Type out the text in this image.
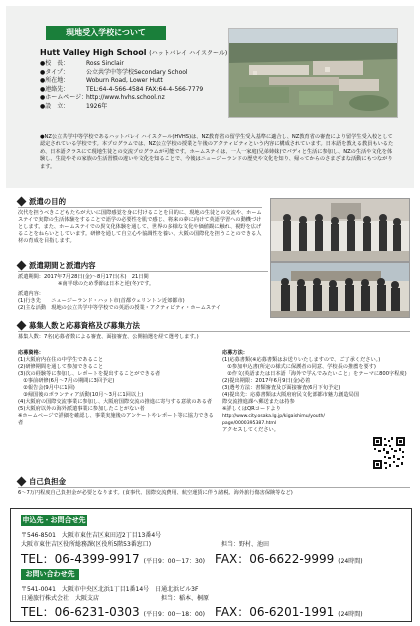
現地受入学校について
Hutt Valley High School (ハットバレイ ハイスクール)
●校　長：	Ross Sinclair
●タイプ：	公立共学中等学校Secondary School
●所在地：	Woburn Road, Lower Hutt
●連絡先：	TEL:64-4-566-4584 FAX:64-4-566-7779
●ホームページ：
http://www.hvhs.school.nz
●設　立：	1926年

●NZ公立共学中等学校であるハットバレイ ハイスクール(HVHS)は、NZ教育省の留学生受入基準に適合し、NZ教育省の審査により留学生受入校として認定されている学校です。本プログラムでは、NZ公立学校の授業と午後のアクティビティという内容に構成されています。日本語を教える教員もいるため、日本語クラスにて現地生徒との交流プログラムが可能です。ホームステイは、一人一家庭(兄弟姉妹)でパディと生活に参加し、NZの生活や文化を体験し、生徒やその家族の生活習慣の違いや文化を知ることで、今後はニュージーランドの歴史や文化を知り、帰ってからのさまざまな活動にもつながります。

派遣の目的

次代を担うべきこどもたちが大いに国際感覚を身に付けることを目的に、現地の生徒との交流や、ホームステイで実際の生活体験をすることで語学の必要性を肌で感じ、将来の夢に向けて英語学習への動機づけとします。また、ホームステイでの異文化体験を通して、世界の多様な文化や価値観に触れ、視野を広げることをねらいとしています。研修を通して自立心や協調性を養い、大阪の国際化を担うことのできる人材の育成を目指します。

派遣期間と派遣内容

派遣期間：2017年7月28日(金)〜8月17日(木)　21日間

※南半球のため季節は日本と逆(冬)です。

派遣内容：

(1)行き先　　ニュージーランド・ハット市(首都ウェリントン近郊都市)

(2)主な活動　現地の公立共学中等学校での英語の授業・アクティビティ・ホームステイ

募集人数と応募資格及び募集方法

募集人数：7名(応募者数による審査、面接審査、公開抽選を経て選考します。)

応募資格：

(1)大阪府内在住の中学生であること

(2)研修期間を通して参加できること

(3)次の経験等に参加し、レポートを提出することができる者

　①事前研修(6月〜7月の期間に3回予定)

　②報告会(9月中に1回)

　③帰国後のボランティア活動(10月〜3月に1回以上)

(4)大阪府の国際交流事業に参加し、大阪府国際交流の推進に寄与する意欲のある者

(5)大阪府以外の海外派遣事業に参加したことがない者

※ホームページで詳細を確認し、事業実施後のアンケートやレポート等に協力できる者

応募方法：

(1)応募書類(※応募書類はお送りいたしますので、ご了承ください。)

　①参加申込書(所定の様式に保護者の同意、学校長の推薦を要す)

　②作文(英語または日本語「海外で学んでみたいこと」をテーマに800字程度)

(2)提出期限：2017年6月9日(金)必着

(3)選考方法：書類審査及び面接審査(6月下旬予定)

(4)提出先：応募書類は大阪府府民文化部都市魅力創造局国際交流推進課へ郵送または持参

※詳しくはQRコードより

http://www.city.osaka.lg.jp/kigaishimu/youth/

page/0000395387.html

アクセスしてください。

自己負担金

6〜7万円程度自己負担金が必要となります。(食事代、国際交流費用、航空運賃に伴う諸税、海外旅行傷害保険等など)

申込先・お問合せ先
〒546-8501　大阪市東住吉区東田辺2丁目13番4号
大阪市東住吉区役所総務課(区役所5階53番窓口)	担当：野村、池田
TEL：06-4399-9917 (平日9：00〜17：30) FAX：06-6622-9999 (24時間)
お問い合わせ先
〒541-0041　大阪市中央区北浜1丁目1番14号　日通北浜ビル3F
日通旅行株式会社　大阪支店	担当：稲本、桐原
TEL：06-6231-0303 (平日9：00〜18：00) FAX：06-6201-1991 (24時間)
